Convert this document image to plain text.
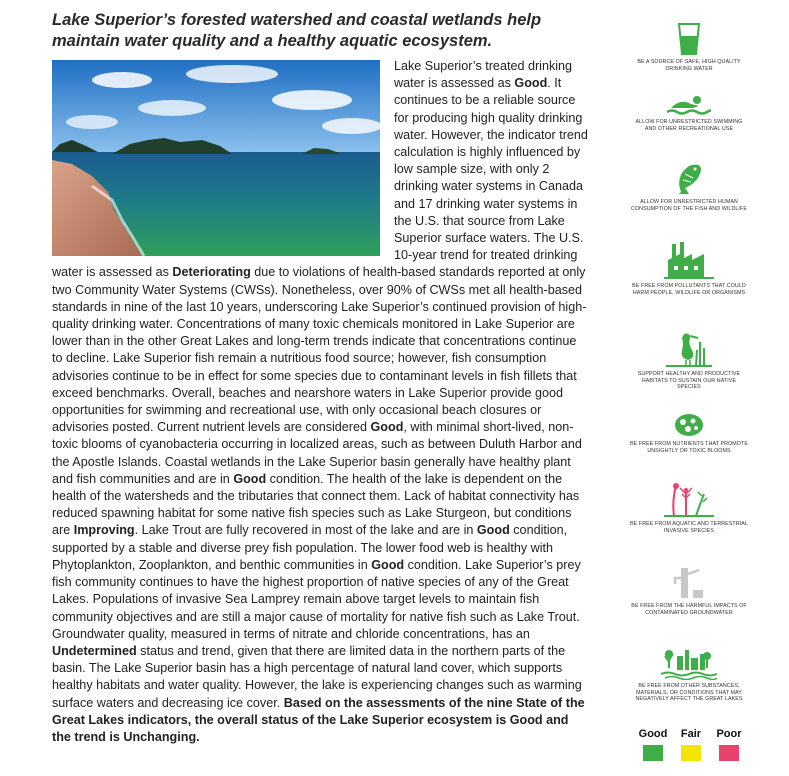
Lake Superior’s forested watershed and coastal wetlands help maintain water quality and a healthy aquatic ecosystem.
Lake Superior’s treated drinking water is assessed as Good. It continues to be a reliable source for producing high quality drinking water. However, the indicator trend calculation is highly influenced by low sample size, with only 2 drinking water systems in Canada and 17 drinking water systems in the U.S. that source from Lake Superior surface waters. The U.S. 10-year trend for treated drinking water is assessed as Deteriorating due to violations of health-based standards reported at only two Community Water Systems (CWSs). Nonetheless, over 90% of CWSs met all health-based standards in nine of the last 10 years, underscoring Lake Superior’s continued provision of high-quality drinking water. Concentrations of many toxic chemicals monitored in Lake Superior are lower than in the other Great Lakes and long-term trends indicate that concentrations continue to decline. Lake Superior fish remain a nutritious food source; however, fish consumption advisories continue to be in effect for some species due to contaminant levels in fish fillets that exceed benchmarks. Overall, beaches and nearshore waters in Lake Superior provide good opportunities for swimming and recreational use, with only occasional beach closures or advisories posted. Current nutrient levels are considered Good, with minimal short-lived, non-toxic blooms of cyanobacteria occurring in localized areas, such as between Duluth Harbor and the Apostle Islands. Coastal wetlands in the Lake Superior basin generally have healthy plant and fish communities and are in Good condition. The health of the lake is dependent on the health of the watersheds and the tributaries that connect them. Lack of habitat connectivity has reduced spawning habitat for some native fish species such as Lake Sturgeon, but conditions are Improving. Lake Trout are fully recovered in most of the lake and are in Good condition, supported by a stable and diverse prey fish population. The lower food web is healthy with Phytoplankton, Zooplankton, and benthic communities in Good condition. Lake Superior’s prey fish community continues to have the highest proportion of native species of any of the Great Lakes. Populations of invasive Sea Lamprey remain above target levels to maintain fish community objectives and are still a major cause of mortality for native fish such as Lake Trout. Groundwater quality, measured in terms of nitrate and chloride concentrations, has an Undetermined status and trend, given that there are limited data in the northern parts of the basin. The Lake Superior basin has a high percentage of natural land cover, which supports healthy habitats and water quality. However, the lake is experiencing changes such as warming surface waters and decreasing ice cover. Based on the assessments of the nine State of the Great Lakes indicators, the overall status of the Lake Superior ecosystem is Good and the trend is Unchanging.
BE A SOURCE OF SAFE, HIGH QUALITY DRINKING WATER
ALLOW FOR UNRESTRICTED SWIMMING AND OTHER RECREATIONAL USE
ALLOW FOR UNRESTRICTED HUMAN CONSUMPTION OF THE FISH AND WILDLIFE
BE FREE FROM POLLUTANTS THAT COULD HARM PEOPLE, WILDLIFE OR ORGANISMS
SUPPORT HEALTHY AND PRODUCTIVE HABITATS TO SUSTAIN OUR NATIVE SPECIES
BE FREE FROM NUTRIENTS THAT PROMOTE UNSIGHTLY OR TOXIC BLOOMS
BE FREE FROM AQUATIC AND TERRESTRIAL INVASIVE SPECIES
BE FREE FROM THE HARMFUL IMPACTS OF CONTAMINATED GROUNDWATER
BE FREE FROM OTHER SUBSTANCES, MATERIALS, OR CONDITIONS THAT MAY NEGATIVELY AFFECT THE GREAT LAKES
Good	Fair	Poor
